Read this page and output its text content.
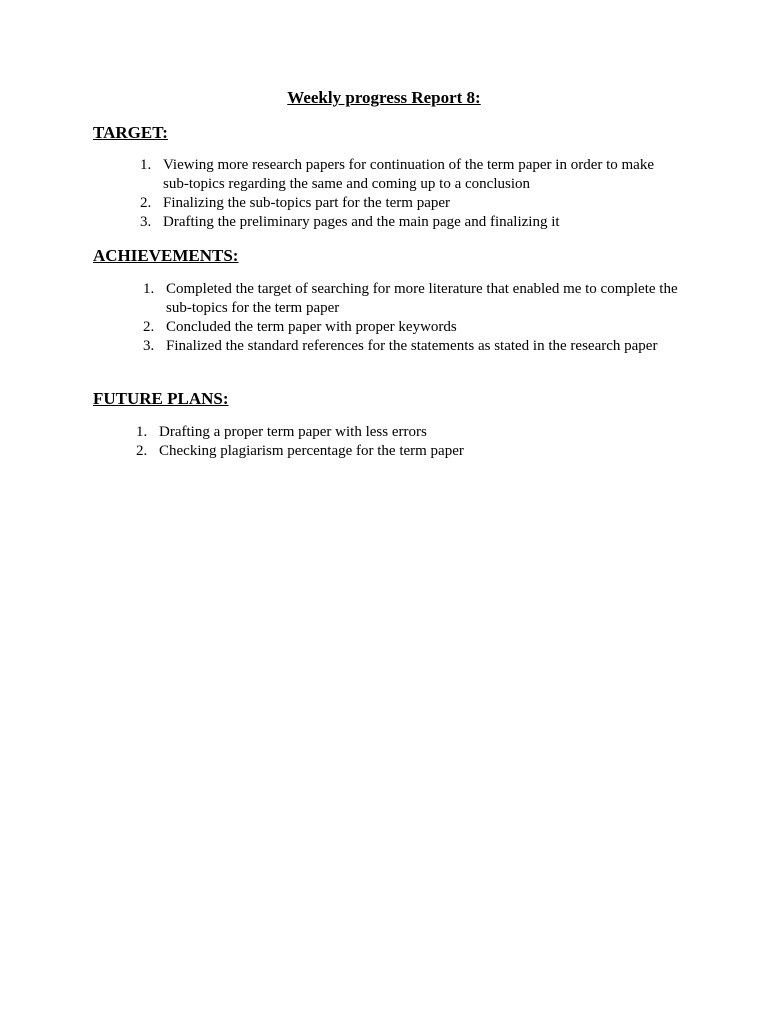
Weekly progress Report 8:
TARGET:
1. Viewing more research papers for continuation of the term paper in order to make sub-topics regarding the same and coming up to a conclusion
2. Finalizing the sub-topics part for the term paper
3. Drafting the preliminary pages and the main page and finalizing it
ACHIEVEMENTS:
1. Completed the target of searching for more literature that enabled me to complete the sub-topics for the term paper
2. Concluded the term paper with proper keywords
3. Finalized the standard references for the statements as stated in the research paper
FUTURE PLANS:
1. Drafting a proper term paper with less errors
2. Checking plagiarism percentage for the term paper
